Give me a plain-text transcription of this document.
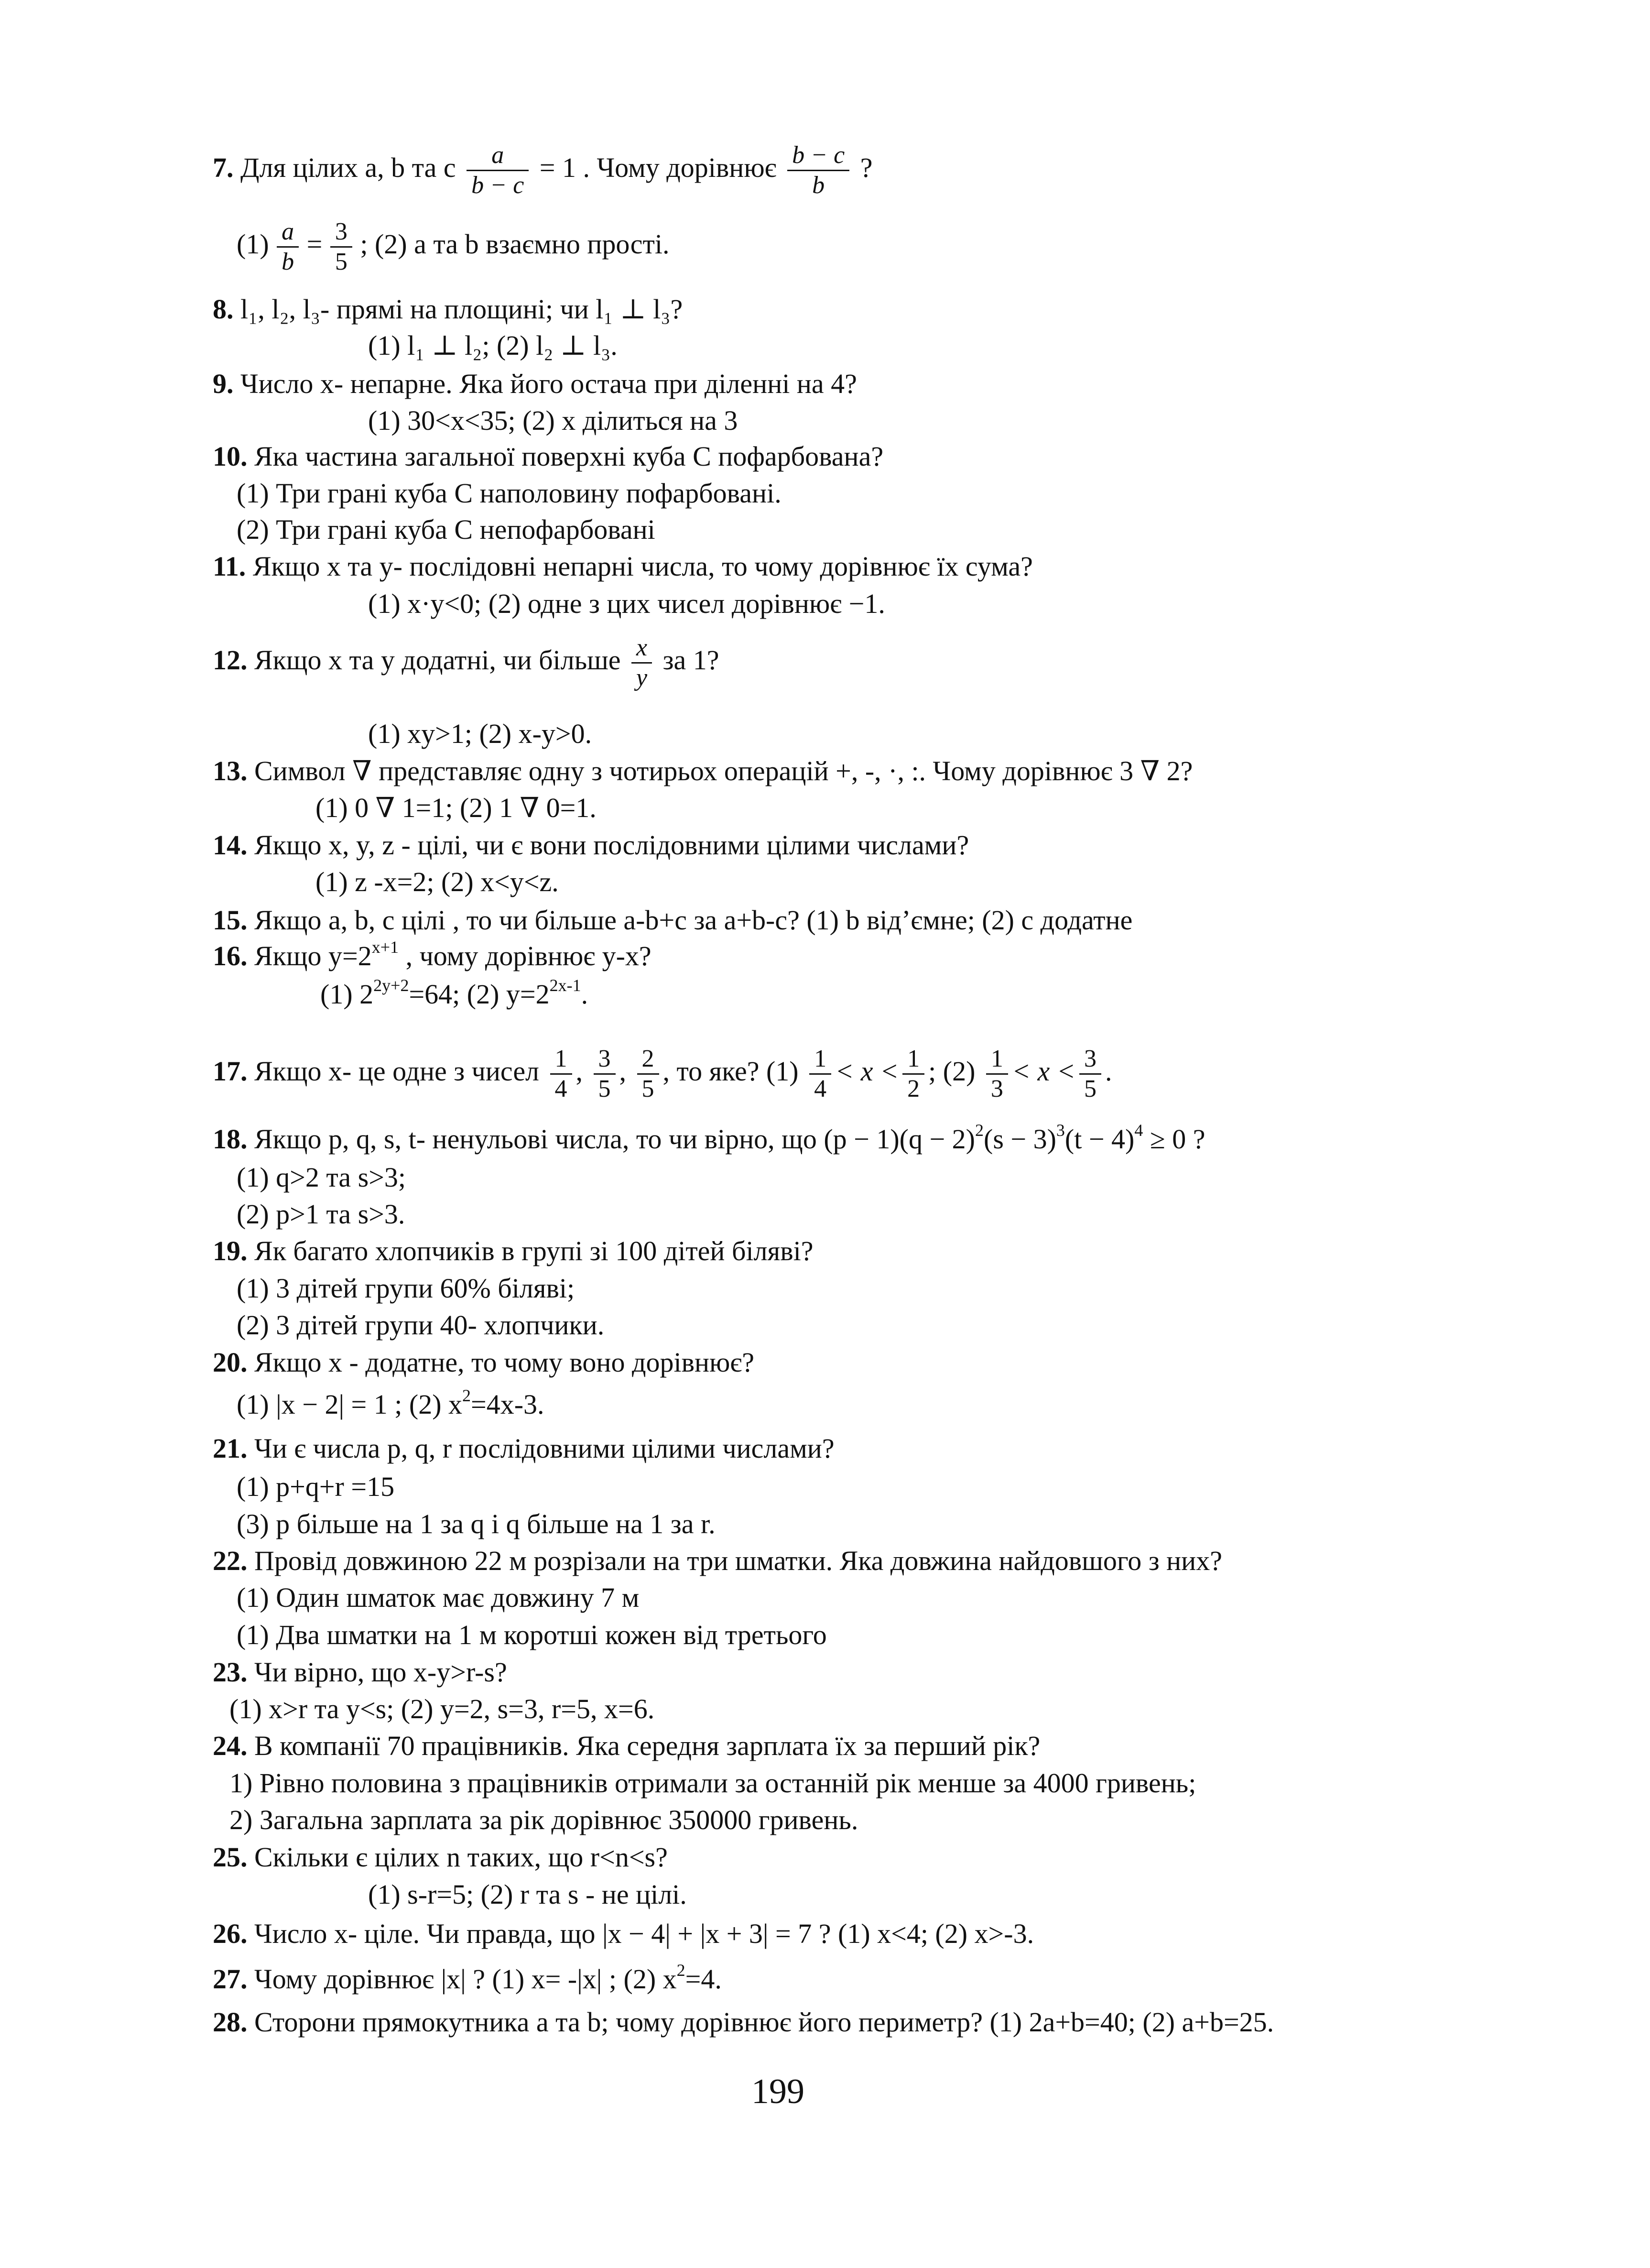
7. Для цілих a, b та c $\frac{a}{b - c} = 1$ . Чому дорівнює $\frac{b - c}{b}$ ?
$(1) \frac{a}{b} = \frac{3}{5}$ ; (2) a та b взаємно прості.
8. l₁, l₂, l₃- прямі на площині; чи l₁ ⊥ l₃?
(1) l₁ ⊥ l₂; (2) l₂ ⊥ l₃.
9. Число x- непарне. Яка його остача при діленні на 4?
(1) 30<x<35; (2) x ділиться на 3
10. Яка частина загальної поверхні куба C пофарбована?
(1) Три грані куба C наполовину пофарбовані.
(2) Три грані куба C непофарбовані
11. Якщо x та y- послідовні непарні числа, то чому дорівнює їх сума?
(1) x·y<0; (2) одне з цих чисел дорівнює −1.
12. Якщо x та y додатні, чи більше $\frac{x}{y}$ за 1?
(1) xy>1; (2) x-y>0.
13. Символ ∇ представляє одну з чотирьох операцій +, -, ·, :. Чому дорівнює 3 ∇ 2?
(1) 0 ∇ 1=1; (2) 1 ∇ 0=1.
14. Якщо x, y, z - цілі, чи є вони послідовними цілими числами?
(1) z -x=2; (2) x<y<z.
15. Якщо a, b, c цілі , то чи більше a-b+c за a+b-c? (1) b від’ємне; (2) c додатне
16. Якщо $y=2^{x+1}$ , чому дорівнює y-x?
(1) $2^{2y+2}=64$; (2) $y=2^{2x-1}$.
17. Якщо x- це одне з чисел $\frac{1}{4}$ , $\frac{3}{5}$ , $\frac{2}{5}$ , то яке? $(1) \frac{1}{4} < x < \frac{1}{2}$ ; $(2) \frac{1}{3} < x < \frac{3}{5}$ .
18. Якщо p, q, s, t- ненульові числа, то чи вірно, що $(p - 1)(q - 2)^2(s - 3)^3(t - 4)^4 \ge 0$ ?
(1) q>2 та s>3;
(2) p>1 та s>3.
19. Як багато хлопчиків в групі зі 100 дітей біляві?
(1) 3 дітей групи 60% біляві;
(2) 3 дітей групи 40- хлопчики.
20. Якщо x - додатне, то чому воно дорівнює?
(1) |x − 2| = 1 ; (2) $x^2=4x-3$.
21. Чи є числа p, q, r послідовними цілими числами?
(1) p+q+r =15
(3) p більше на 1 за q і q більше на 1 за r.
22. Провід довжиною 22 м розрізали на три шматки. Яка довжина найдовшого з них?
(1) Один шматок має довжину 7 м
(1) Два шматки на 1 м коротші кожен від третього
23. Чи вірно, що x-y>r-s?
(1) x>r та y<s; (2) y=2, s=3, r=5, x=6.
24. В компанії 70 працівників. Яка середня зарплата їх за перший рік?
1) Рівно половина з працівників отримали за останній рік менше за 4000 гривень;
2) Загальна зарплата за рік дорівнює 350000 гривень.
25. Скільки є цілих n таких, що r<n<s?
(1) s-r=5; (2) r та s - не цілі.
26. Число x- ціле. Чи правда, що |x − 4| + |x + 3| = 7 ? (1) x<4; (2) x>-3.
27. Чому дорівнює |x| ? (1) x= -|x| ; (2) $x^2=4$.
28. Сторони прямокутника a та b; чому дорівнює його периметр? (1) 2a+b=40; (2) a+b=25.
199
